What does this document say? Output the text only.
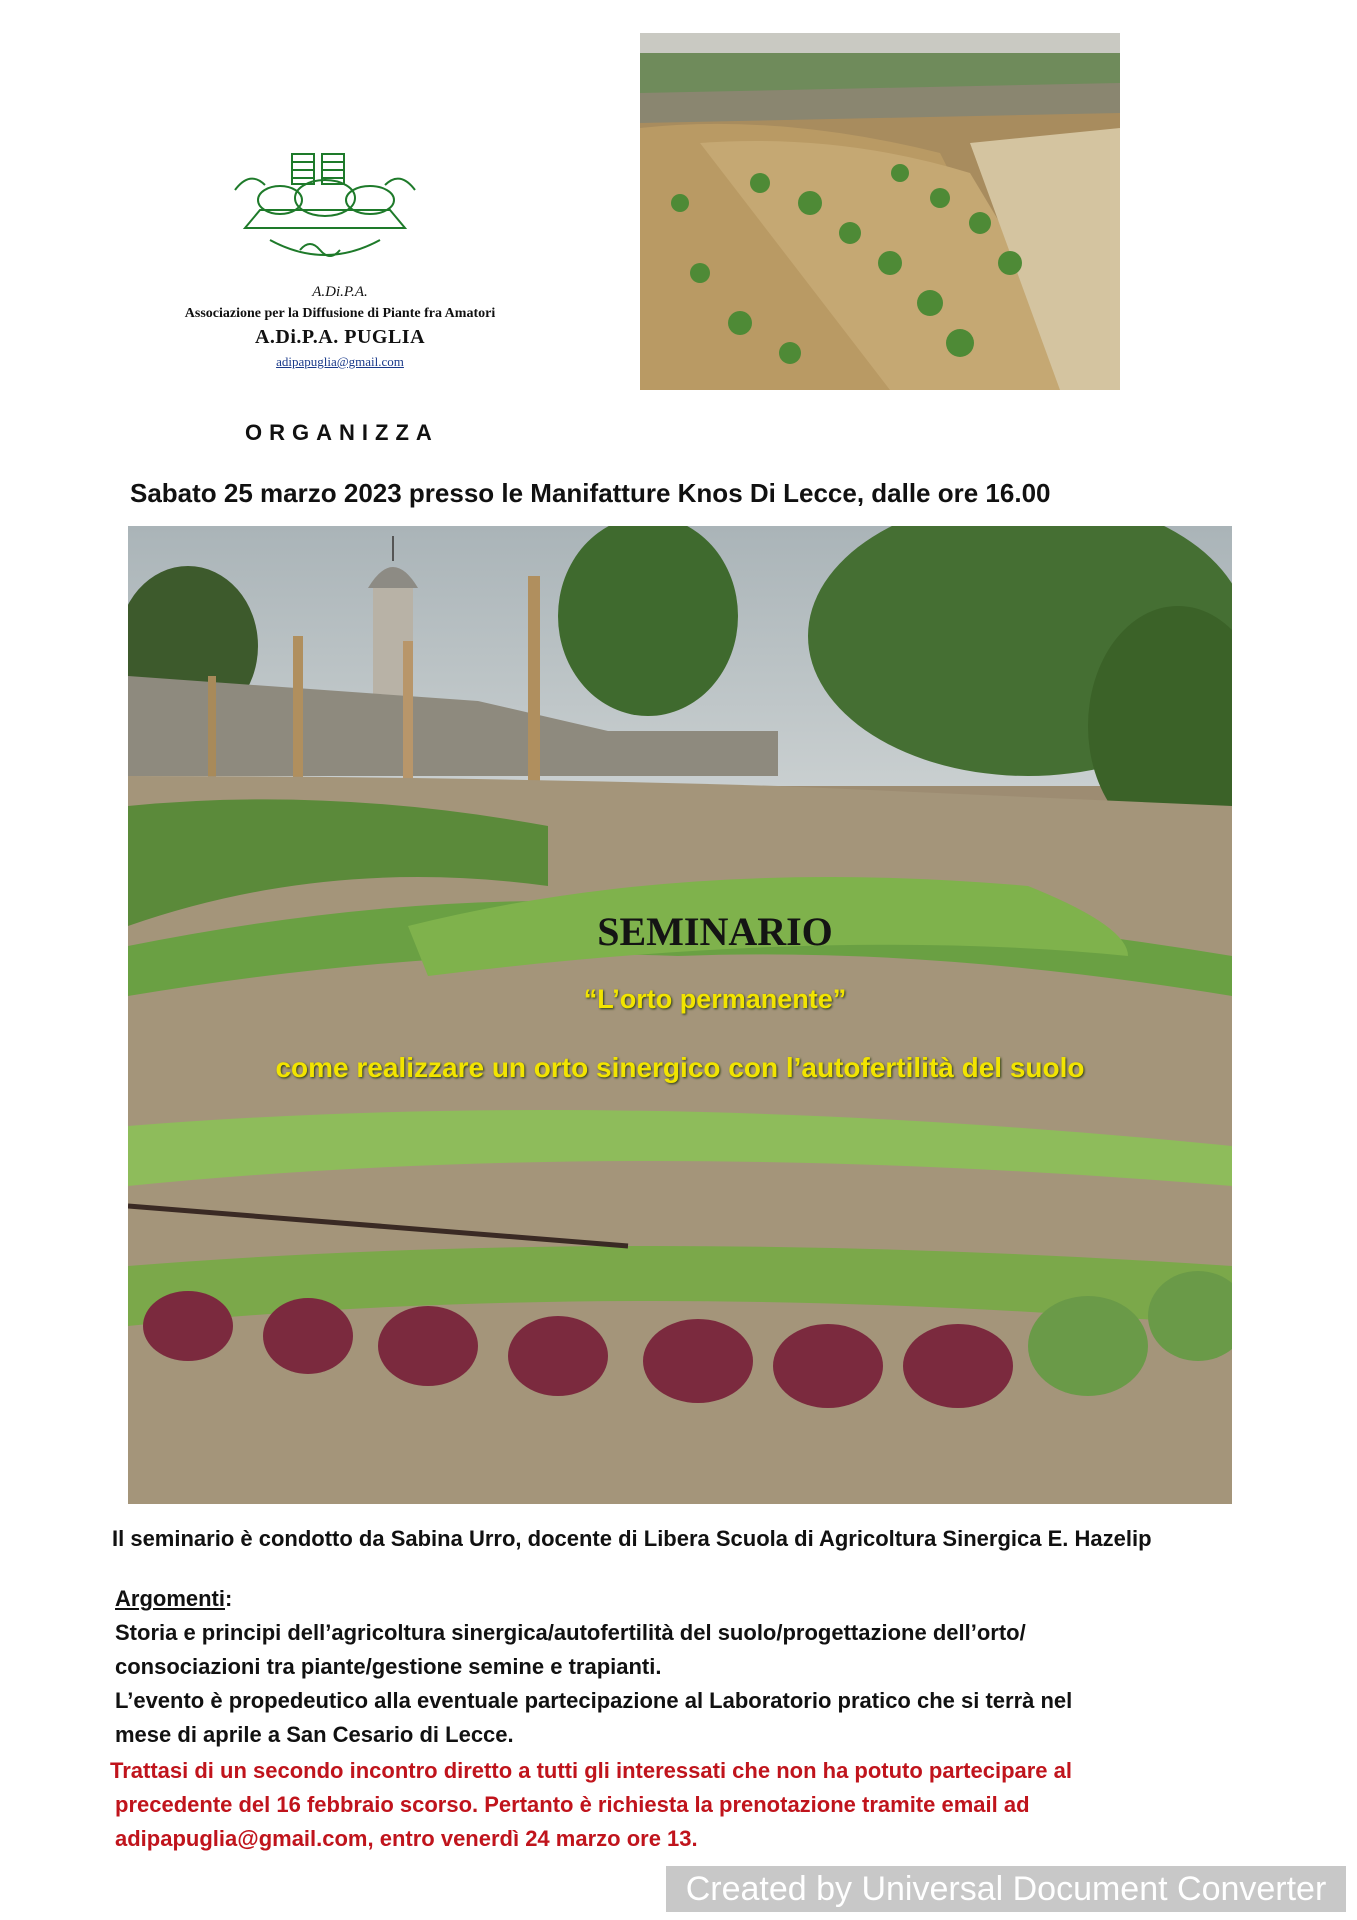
A.Di.P.A.
Associazione per la Diffusione di Piante fra Amatori
A.Di.P.A. PUGLIA
adipapuglia@gmail.com
ORGANIZZA
Sabato 25 marzo 2023 presso le Manifatture Knos Di Lecce, dalle ore 16.00
SEMINARIO
“L’orto permanente”
come realizzare un orto sinergico con l’autofertilità del suolo
Il seminario è condotto da Sabina Urro, docente di Libera Scuola di Agricoltura Sinergica E. Hazelip
Argomenti:
Storia e principi dell’agricoltura sinergica/autofertilità del suolo/progettazione dell’orto/
consociazioni tra piante/gestione semine e trapianti.
L’evento è propedeutico alla eventuale partecipazione al Laboratorio pratico che si terrà nel
mese di aprile a San Cesario di Lecce.
Trattasi di un secondo incontro diretto a tutti gli interessati che non ha potuto partecipare al
precedente del 16 febbraio scorso. Pertanto è richiesta la prenotazione tramite email ad
adipapuglia@gmail.com, entro venerdì 24 marzo ore 13.
Created by Universal Document Converter
